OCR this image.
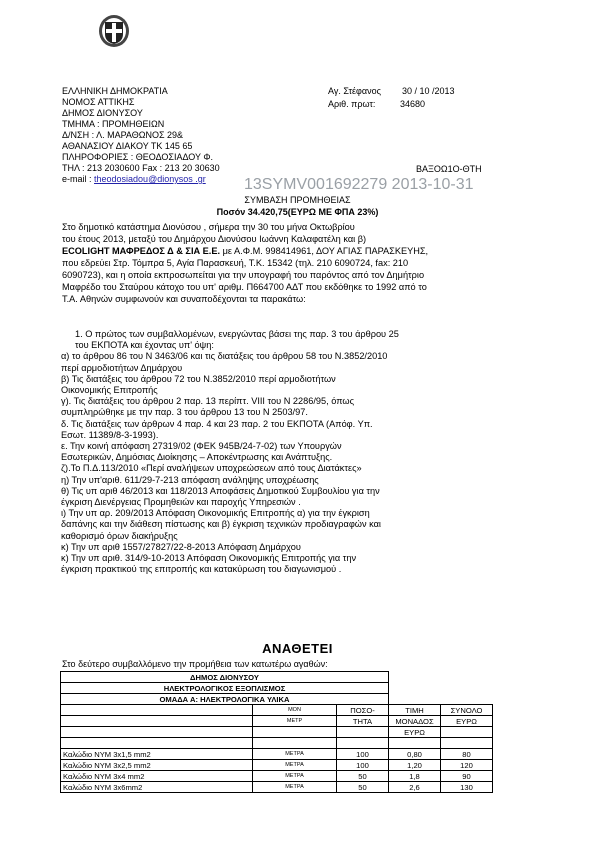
ΕΛΛΗΝΙΚΗ ΔΗΜΟΚΡΑΤΙΑ
ΝΟΜΟΣ ΑΤΤΙΚΗΣ
ΔΗΜΟΣ ΔΙΟΝΥΣΟΥ
ΤΜΗΜΑ : ΠΡΟΜΗΘΕΙΩΝ
Δ/ΝΣΗ : Λ. ΜΑΡΑΘΩΝΟΣ 29&
ΑΘΑΝΑΣΙΟΥ ΔΙΑΚΟΥ ΤΚ 145 65
ΠΛΗΡΟΦΟΡΙΕΣ : ΘΕΟΔΟΣΙΑΔΟΥ Φ.
ΤΗΛ : 213 2030600 Fax : 213 20 30630
e-mail : theodosiadou@dionysos .gr
Αγ. Στέφανος 30 / 10 /2013
Αριθ. πρωτ:	34680
ΒΑΞΟΩ1Ο-ΘΤΗ
13SYMV001692279 2013-10-31
ΣΥΜΒΑΣΗ ΠΡΟΜΗΘΕΙΑΣ
Ποσόν 34.420,75(ΕΥΡΩ ΜΕ ΦΠΑ 23%)
Στο δημοτικό κατάστημα Διονύσου , σήμερα την 30 του μήνα Οκτωβρίου
του έτους 2013, μεταξύ του Δημάρχου Διονύσου Ιωάννη Καλαφατέλη και β)
ECOLIGHT ΜΑΦΡΕΔΟΣ Δ & ΣΙΑ Ε.Ε. με Α.Φ.Μ. 998414961, ΔΟΥ ΑΓΙΑΣ ΠΑΡΑΣΚΕΥΗΣ,
που εδρεύει Στρ. Τόμπρα 5, Αγία Παρασκευή, Τ.Κ. 15342 (τηλ. 210 6090724, fax: 210
6090723), και η οποία εκπροσωπείται για την υπογραφή του παρόντος από τον Δημήτριο
Μαφρέδο του Σταύρου κάτοχο του υπ' αριθμ. Π664700 ΑΔΤ που εκδόθηκε το 1992 από το
Τ.Α. Αθηνών συμφωνούν και συναποδέχονται τα παρακάτω:
1. Ο πρώτος των συμβαλλομένων, ενεργώντας βάσει της παρ. 3 του άρθρου 25
του ΕΚΠΟΤΑ και έχοντας υπ' όψη:
α) το άρθρου 86 του Ν 3463/06 και τις διατάξεις του άρθρου 58 του Ν.3852/2010
περί αρμοδιοτήτων Δημάρχου
β) Τις διατάξεις του άρθρου 72 του Ν.3852/2010 περί αρμοδιοτήτων
Οικονομικής Επιτροπής
γ). Τις διατάξεις του άρθρου 2 παρ. 13 περίπτ. VIII του Ν 2286/95, όπως
συμπληρώθηκε με την παρ. 3 του άρθρου 13 του Ν 2503/97.
δ. Τις διατάξεις των άρθρων 4 παρ. 4 και 23 παρ. 2 του ΕΚΠΟΤΑ (Απόφ. Υπ.
Εσωτ. 11389/8-3-1993).
ε. Την κοινή απόφαση 27319/02 (ΦΕΚ 945Β/24-7-02) των Υπουργών
Εσωτερικών, Δημόσιας Διοίκησης – Αποκέντρωσης και Ανάπτυξης.
ζ).Το Π.Δ.113/2010 «Περί αναλήψεων υποχρεώσεων από τους Διατάκτες»
η) Την υπ'αριθ. 611/29-7-213 απόφαση ανάληψης υποχρέωσης
θ) Τις υπ αριθ 46/2013 και 118/2013 Αποφάσεις Δημοτικού Συμβουλίου για την
έγκριση Διενέργειας Προμηθειών και παροχής Υπηρεσιών .
ι) Την υπ αρ. 209/2013 Απόφαση Οικονομικής Επιτροπής α) για την έγκριση
δαπάνης και την διάθεση πίστωσης και β) έγκριση τεχνικών προδιαγραφών και
καθορισμό όρων διακήρυξης
κ) Την υπ αριθ 1557/27827/22-8-2013 Απόφαση Δημάρχου
κ) Την υπ αριθ. 314/9-10-2013 Απόφαση Οικονομικής Επιτροπής για την
έγκριση πρακτικού της επιτροπής και κατακύρωση του διαγωνισμού .
ΑΝΑΘΕΤΕΙ
Στο δεύτερο συμβαλλόμενο την προμήθεια των κατωτέρω αγαθών:
ΔΗΜΟΣ ΔΙΟΝΥΣΟΥ				
ΗΛΕΚΤΡΟΛΟΓΙΚΟΣ ΕΞΟΠΛΙΣΜΟΣ				
ΟΜΑΔΑ Α: ΗΛΕΚΤΡΟΛΟΓΙΚΑ ΥΛΙΚΑ				
	ΜΟΝ	ΠΟΣΟ-	ΤΙΜΗ	ΣΥΝΟΛΟ
	ΜΕΤΡ	ΤΗΤΑ	ΜΟΝΑΔΟΣ	ΕΥΡΩ
			ΕΥΡΩ	

Καλώδιο NYM 3x1,5 mm2	ΜΕΤΡΑ	100	0,80	80
Καλώδιο NYM 3x2,5 mm2	ΜΕΤΡΑ	100	1,20	120
Καλώδιο NYM 3x4 mm2	ΜΕΤΡΑ	50	1,8	90
Καλώδιο NYM 3x6mm2	ΜΕΤΡΑ	50	2,6	130
